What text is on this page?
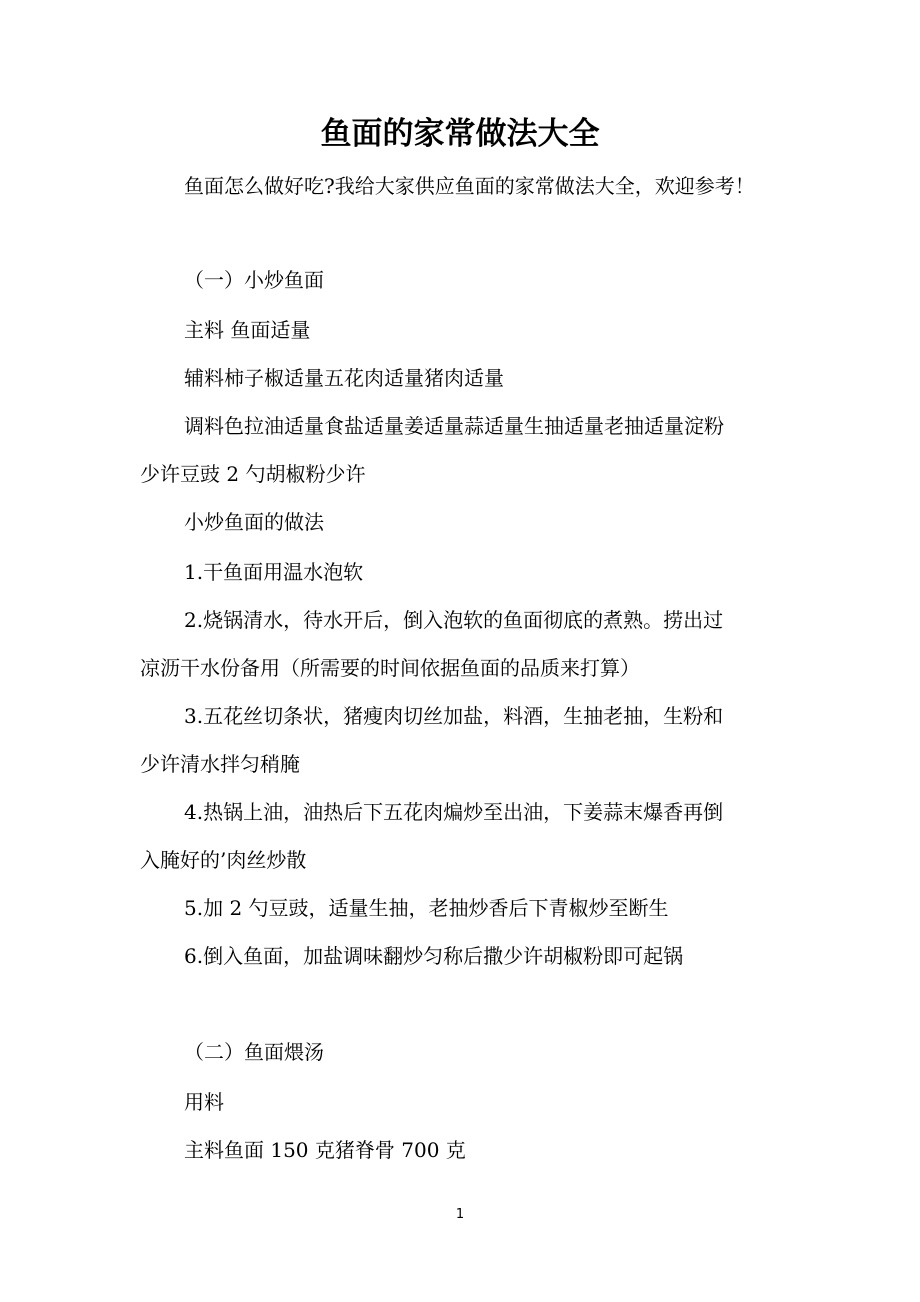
鱼面的家常做法大全
鱼面怎么做好吃?我给大家供应鱼面的家常做法大全，欢迎参考！
（一）小炒鱼面
主料 鱼面适量
辅料柿子椒适量五花肉适量猪肉适量
调料色拉油适量食盐适量姜适量蒜适量生抽适量老抽适量淀粉
少许豆豉 2 勺胡椒粉少许
小炒鱼面的做法
1.干鱼面用温水泡软
2.烧锅清水，待水开后，倒入泡软的鱼面彻底的煮熟。捞出过
凉沥干水份备用（所需要的时间依据鱼面的品质来打算）
3.五花丝切条状，猪瘦肉切丝加盐，料酒，生抽老抽，生粉和
少许清水拌匀稍腌
4.热锅上油，油热后下五花肉煸炒至出油，下姜蒜末爆香再倒
入腌好的’肉丝炒散
5.加 2 勺豆豉，适量生抽，老抽炒香后下青椒炒至断生
6.倒入鱼面，加盐调味翻炒匀称后撒少许胡椒粉即可起锅
（二）鱼面煨汤
用料
主料鱼面 150 克猪脊骨 700 克
1
